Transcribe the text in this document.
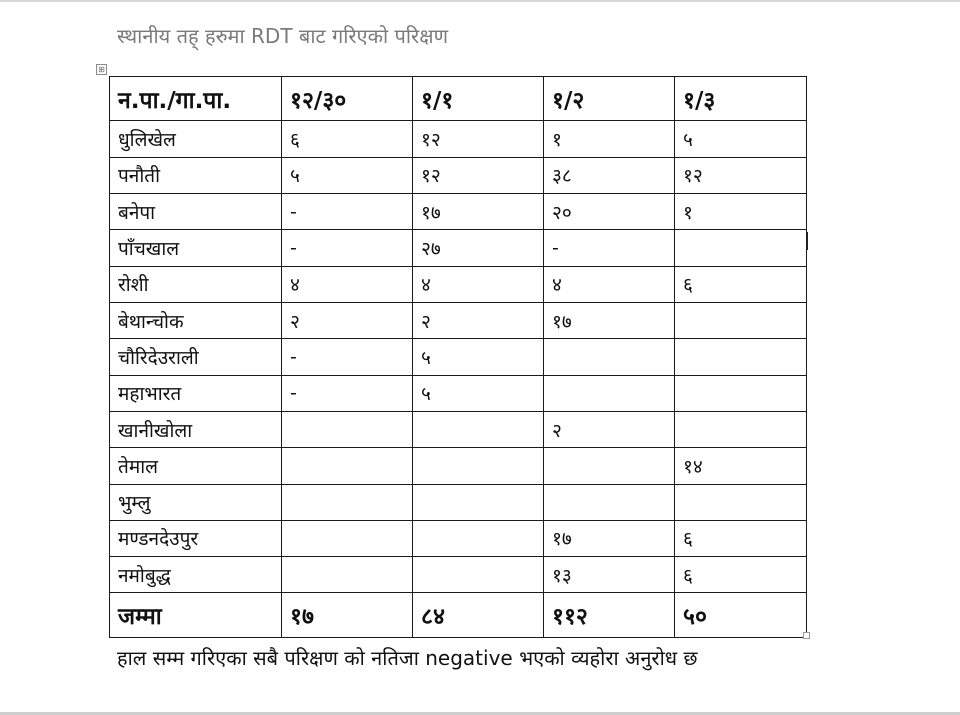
स्थानीय तह् हरुमा RDT बाट गरिएको परिक्षण
⊞
न.पा./गा.पा.	१२/३०	१/१	१/२	१/३
धुलिखेल	६	१२	१	५
पनौती	५	१२	३८	१२
बनेपा	-	१७	२०	१
पाँचखाल	-	२७	-	
रोशी	४	४	४	६
बेथान्चोक	२	२	१७	
चौरिदेउराली	-	५		
महाभारत	-	५		
खानीखोला			२	
तेमाल				१४
भुम्लु				
मण्डनदेउपुर			१७	६
नमोबुद्ध			१३	६
जम्मा	१७	८४	११२	५०
हाल सम्म गरिएका सबै परिक्षण को नतिजा negative भएको व्यहोरा अनुरोध छ
